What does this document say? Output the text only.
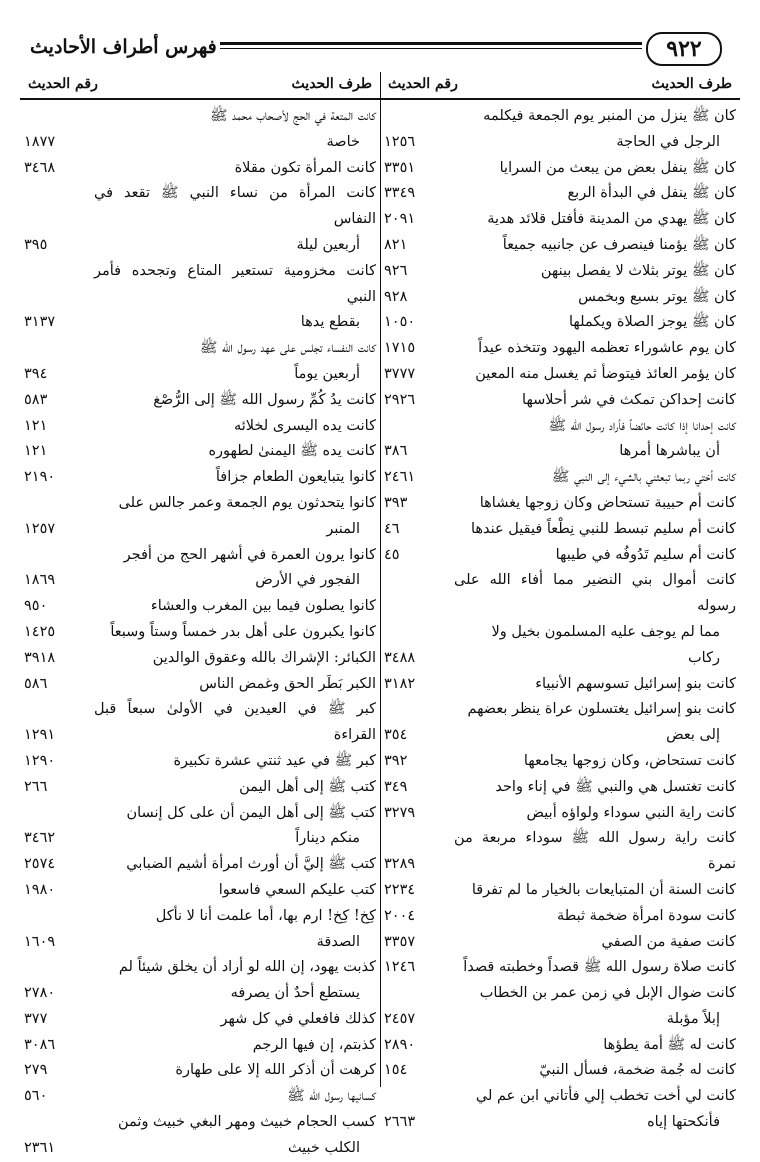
٩٢٢
فهرس أطراف الأحاديث
طرف الحديث
رقم الحديث
طرف الحديث
رقم الحديث
كان ﷺ ينزل من المنبر يوم الجمعة فيكلمه
الرجل في الحاجة
١٢٥٦
كان ﷺ ينفل بعض من يبعث من السرايا
٣٣٥١
كان ﷺ ينفل في البدأة الربع
٣٣٤٩
كان ﷺ يهدي من المدينة فأفتل قلائد هدية
٢٠٩١
كان ﷺ يؤمنا فينصرف عن جانبيه جميعاً
٨٢١
كان ﷺ يوتر بثلاث لا يفصل بينهن
٩٢٦
كان ﷺ يوتر بسبع وبخمس
٩٢٨
كان ﷺ يوجز الصلاة ويكملها
١٠٥٠
كان يوم عاشوراء تعظمه اليهود وتتخذه عيداً
١٧١٥
كان يؤمر العائذ فيتوضأ ثم يغسل منه المعين
٣٧٧٧
كانت إحداكن تمكث في شر أحلاسها
٢٩٢٦
كانت إحدانا إذا كانت حائضاً فأراد رسول الله ﷺ
أن يباشرها أمرها
٣٨٦
كانت أختي ربما تبعثني بالشيء إلى النبي ﷺ
٢٤٦١
كانت أم حبيبة تستحاض وكان زوجها يغشاها
٣٩٣
كانت أم سليم تبسط للنبي نِطْعاً فيقيل عندها
٤٦
كانت أم سليم تَدُوفُه في طيبها
٤٥
كانت أموال بني النضير مما أفاء الله على رسوله
مما لم يوجف عليه المسلمون بخيل ولا
ركاب
٣٤٨٨
كانت بنو إسرائيل تسوسهم الأنبياء
٣١٨٢
كانت بنو إسرائيل يغتسلون عراة ينظر بعضهم
إلى بعض
٣٥٤
كانت تستحاض، وكان زوجها يجامعها
٣٩٢
كانت تغتسل هي والنبي ﷺ في إناء واحد
٣٤٩
كانت راية النبي سوداء ولواؤه أبيض
٣٢٧٩
كانت راية رسول الله ﷺ سوداء مربعة من نمرة
٣٢٨٩
كانت السنة أن المتبايعات بالخيار ما لم تفرقا
٢٢٣٤
كانت سودة امرأة ضخمة ثبطة
٢٠٠٤
كانت صفية من الصفي
٣٣٥٧
كانت صلاة رسول الله ﷺ قصداً وخطبته قصداً
١٢٤٦
كانت ضوال الإبل في زمن عمر بن الخطاب
إبلاً مؤبلة
٢٤٥٧
كانت له ﷺ أمة يطؤها
٢٨٩٠
كانت له جُمة ضخمة، فسأل النبيّ
١٥٤
كانت لي أخت تخطب إلي فأتاني ابن عم لي
فأنكحتها إياه
٢٦٦٣
كانت المتعة في الحج لأصحاب محمد ﷺ
خاصة
١٨٧٧
كانت المرأة تكون مقلاة
٣٤٦٨
كانت المرأة من نساء النبي ﷺ تقعد في النفاس
أربعين ليلة
٣٩٥
كانت مخزومية تستعير المتاع وتجحده فأمر النبي
بقطع يدها
٣١٣٧
كانت النفساء تجلس على عهد رسول الله ﷺ
أربعين يوماً
٣٩٤
كانت يدُ كُمِّ رسول الله ﷺ إلى الرُّصْغ
٥٨٣
كانت يده اليسرى لخلائه
١٢١
كانت يده ﷺ اليمنىٰ لطهوره
١٢١
كانوا يتبايعون الطعام جزافاً
٢١٩٠
كانوا يتحدثون يوم الجمعة وعمر جالس على
المنبر
١٢٥٧
كانوا يرون العمرة في أشهر الحج من أفجر
الفجور في الأرض
١٨٦٩
كانوا يصلون فيما بين المغرب والعشاء
٩٥٠
كانوا يكبرون على أهل بدر خمساً وستاً وسبعاً
١٤٢٥
الكبائر: الإشراك بالله وعقوق الوالدين
٣٩١٨
الكبر بَطَر الحق وغمض الناس
٥٨٦
كبر ﷺ في العيدين في الأولىٰ سبعاً قبل القراءة
١٢٩١
كبر ﷺ في عيد ثنتي عشرة تكبيرة
١٢٩٠
كتب ﷺ إلى أهل اليمن
٢٦٦
كتب ﷺ إلى أهل اليمن أن على كل إنسان
منكم ديناراً
٣٤٦٢
كتب ﷺ إليَّ أن أورث امرأة أشيم الضبابي
٢٥٧٤
كتب عليكم السعي فاسعوا
١٩٨٠
كِخ! كِخ! ارم بها، أما علمت أنا لا نأكل
الصدقة
١٦٠٩
كذبت يهود، إن الله لو أراد أن يخلق شيئاً لم
يستطع أحدٌ أن يصرفه
٢٧٨٠
كذلك فافعلي في كل شهر
٣٧٧
كذبتم، إن فيها الرجم
٣٠٨٦
كرهت أن أذكر الله إلا على طهارة
٢٧٩
كسانيها رسول الله ﷺ
٥٦٠
كسب الحجام خبيث ومهر البغي خبيث وثمن
الكلب خبيث
٢٣٦١
